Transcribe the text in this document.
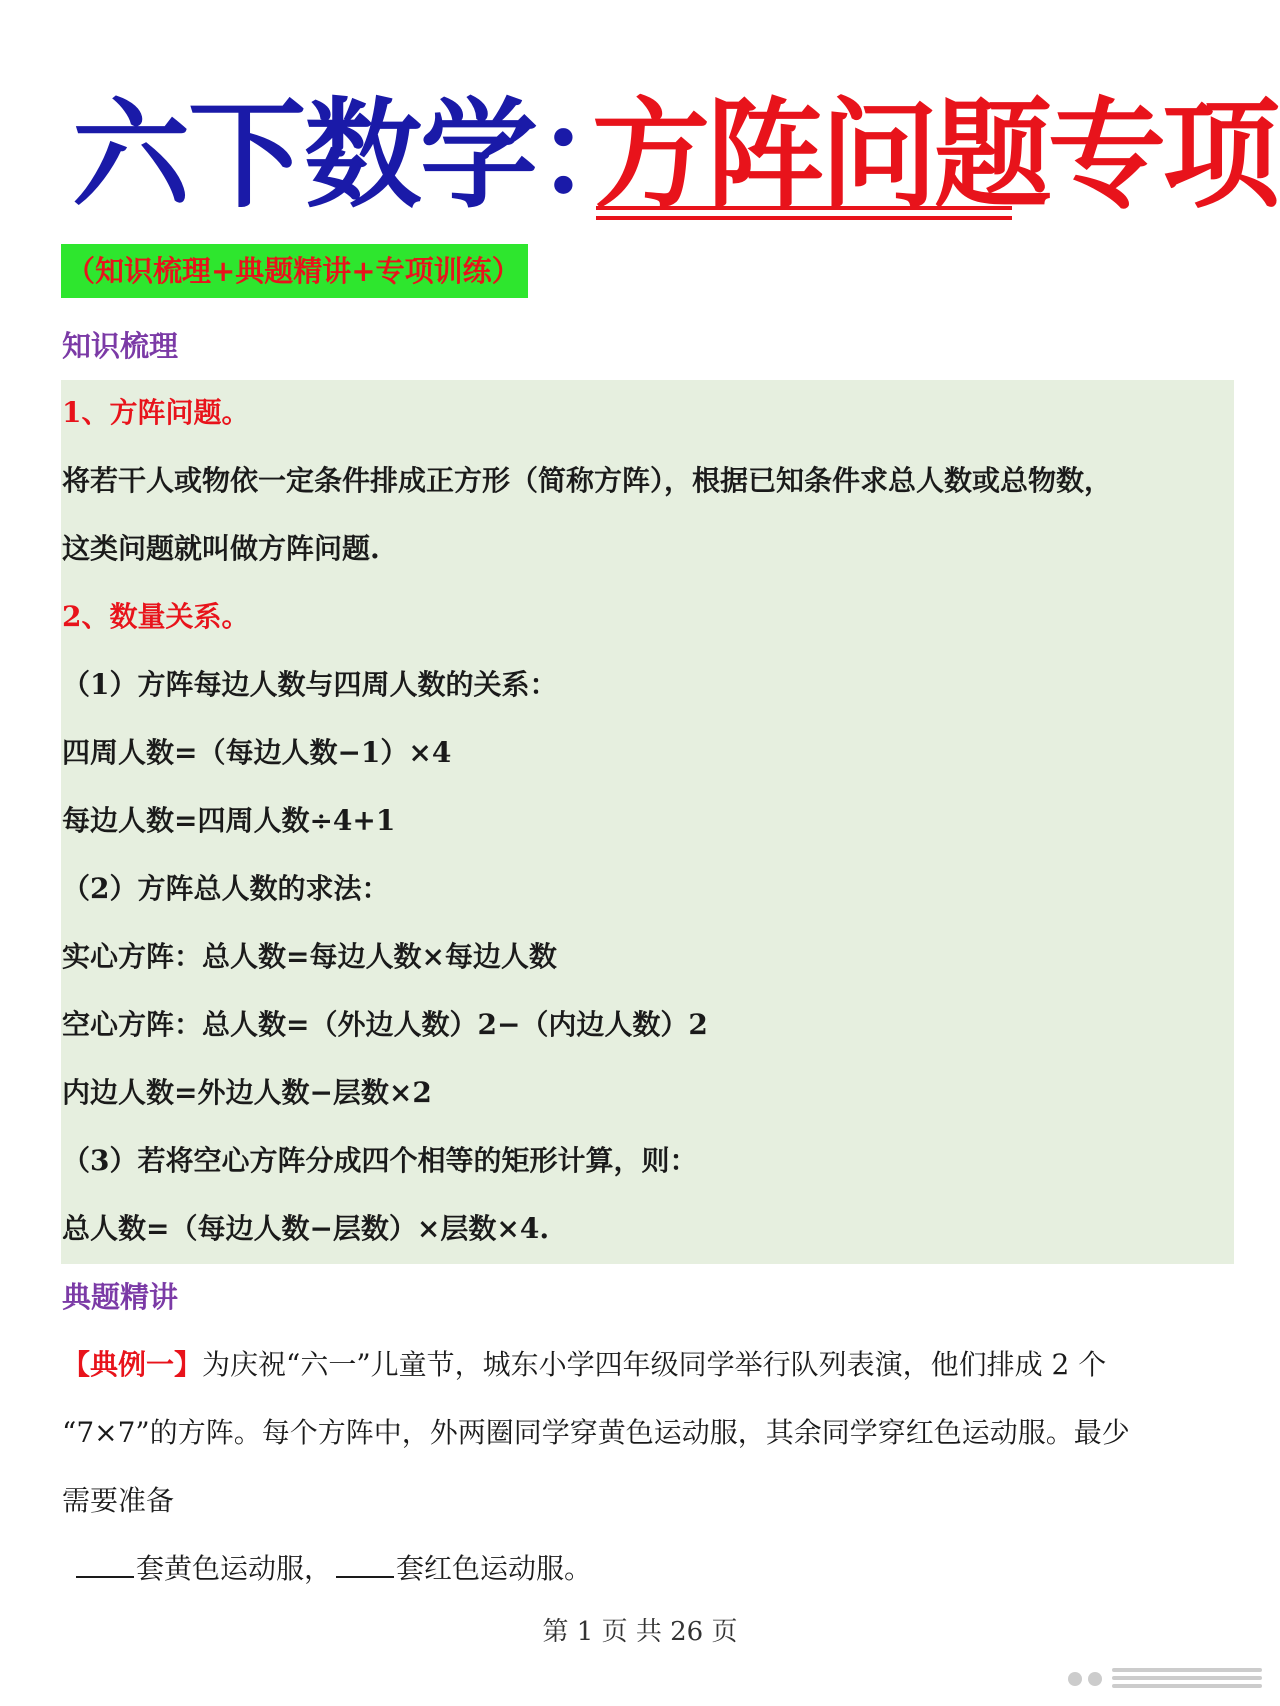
六下数学：
方阵问题专项
（知识梳理+典题精讲+专项训练）
知识梳理
1、方阵问题。
将若干人或物依一定条件排成正方形（简称方阵），根据已知条件求总人数或总物数，
这类问题就叫做方阵问题.
2、数量关系。
（1）方阵每边人数与四周人数的关系：
四周人数=（每边人数−1）×4
每边人数=四周人数÷4+1
（2）方阵总人数的求法：
实心方阵：总人数=每边人数×每边人数
空心方阵：总人数=（外边人数）2−（内边人数）2
内边人数=外边人数−层数×2
（3）若将空心方阵分成四个相等的矩形计算，则：
总人数=（每边人数−层数）×层数×4.
典题精讲
【典例一】为庆祝“六一”儿童节，城东小学四年级同学举行队列表演，他们排成 2 个
“7×7”的方阵。每个方阵中，外两圈同学穿黄色运动服，其余同学穿红色运动服。最少
需要准备
套黄色运动服， 套红色运动服。
第 1 页 共 26 页
